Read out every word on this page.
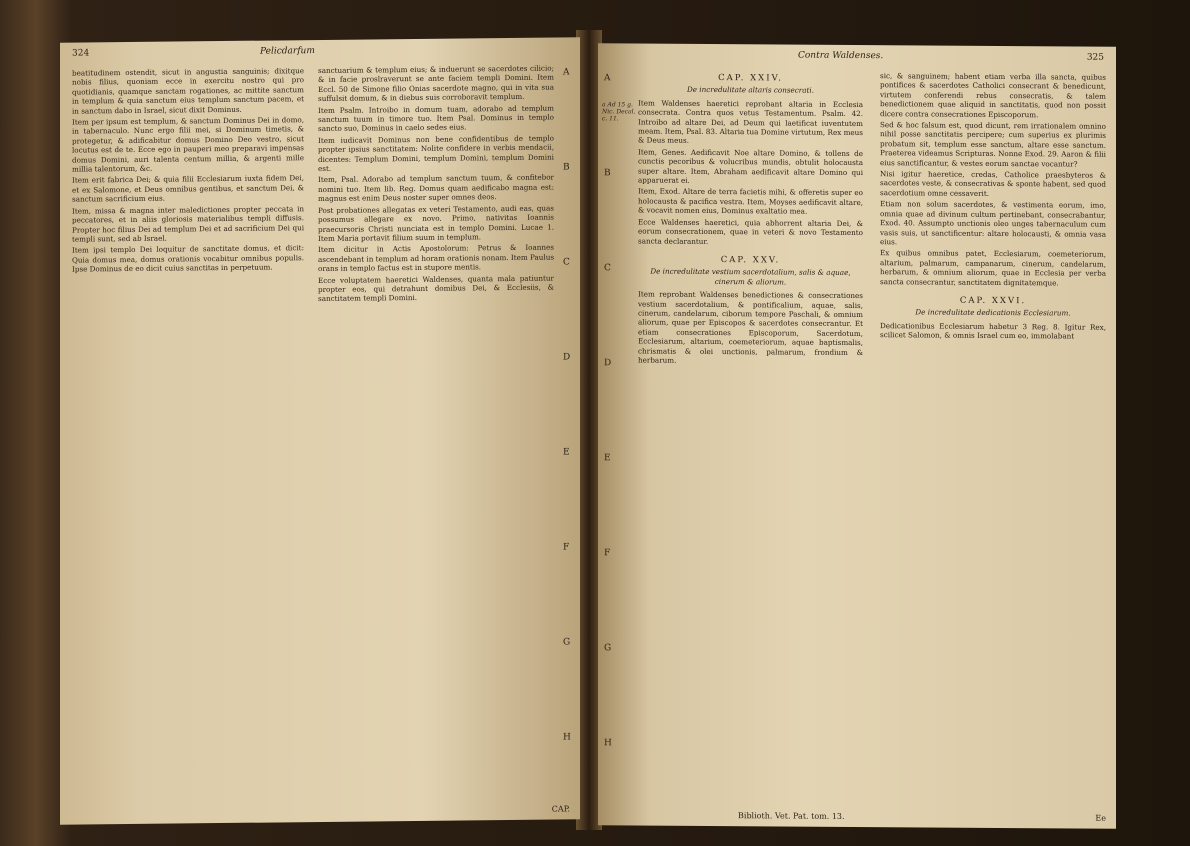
324	Pelicdarfum

beatitudinem ostendit, sicut in angustia sanguinis; dixitque nobis filius, quoniam ecce in exercitu nostro qui pro quotidianis, quamque sanctam rogationes, ac mittite sanctum in templum & quia sanctum eius templum sanctum pacem, et in sanctum dabo in Israel, sicut dixit Dominus.

Item per ipsum est templum, & sanctum Dominus Dei in domo, in tabernaculo. Nunc ergo filii mei, si Dominum timetis, & protegetur, & adificabitur domus Domino Deo vestro, sicut locutus est de te. Ecce ego in pauperi meo preparavi impensas domus Domini, auri talenta centum millia, & argenti mille millia talentorum, &c.

Item erit fabrica Dei; & quia filii Ecclesiarum iuxta fidem Dei, et ex Salomone, et Deus omnibus gentibus, et sanctum Dei, & sanctum sacrificium eius.

Item, missa & magna inter maledictiones propter peccata in peccatores, et in aliis gloriosis materialibus templi diffusis. Propter hoc filius Dei ad templum Dei et ad sacrificium Dei qui templi sunt, sed ab Israel.

Item ipsi templo Dei loquitur de sanctitate domus, et dicit: Quia domus mea, domus orationis vocabitur omnibus populis. Ipse Dominus de eo dicit cuius sanctitas in perpetuum.

sanctuarium & templum eius; & induerunt se sacerdotes cilicio; & in facie proslraverunt se ante faciem templi Domini. Item Eccl. 50 de Simone filio Onias sacerdote magno, qui in vita sua suffulsit domum, & in diebus suis corroboravit templum.

Item Psalm. Introibo in domum tuam, adorabo ad templum sanctum tuum in timore tuo. Item Psal. Dominus in templo sancto suo, Dominus in caelo sedes eius.

Item iudicavit Dominus non bene confidentibus de templo propter ipsius sanctitatem: Nolite confidere in verbis mendacii, dicentes: Templum Domini, templum Domini, templum Domini est.

Item, Psal. Adorabo ad templum sanctum tuum, & confitebor nomini tuo. Item lib. Reg. Domus quam aedificabo magna est: magnus est enim Deus noster super omnes deos.

Post probationes allegatas ex veteri Testamento, audi eas, quas possumus allegare ex novo. Primo, nativitas Ioannis praecursoris Christi nunciata est in templo Domini. Lucae 1. Item Maria portavit filium suum in templum.

Item dicitur in Actis Apostolorum: Petrus & Ioannes ascendebant in templum ad horam orationis nonam. Item Paulus orans in templo factus est in stupore mentis.

Ecce voluptatem haeretici Waldenses, quanta mala patiuntur propter eos, qui detrahunt domibus Dei, & Ecclesiis, & sanctitatem templi Domini.

A
B
C
D
E
F
G
H
CAP.
Contra Waldenses.	325
a Ad 15 g. Nic. Decal. c. 11.
CAP. XXIV.
De incredulitate altaris consecrati.

Item Waldenses haeretici reprobant altaria in Ecclesia consecrata. Contra quos vetus Testamentum. Psalm. 42. Introibo ad altare Dei, ad Deum qui laetificat iuventutem meam. Item, Psal. 83. Altaria tua Domine virtutum, Rex meus & Deus meus.

Item, Genes. Aedificavit Noe altare Domino, & tollens de cunctis pecoribus & volucribus mundis, obtulit holocausta super altare. Item, Abraham aedificavit altare Domino qui apparuerat ei.

Item, Exod. Altare de terra facietis mihi, & offeretis super eo holocausta & pacifica vestra. Item, Moyses aedificavit altare, & vocavit nomen eius, Dominus exaltatio mea.

Ecce Waldenses haeretici, quia abhorrent altaria Dei, & eorum consecrationem, quae in veteri & novo Testamento sancta declarantur.

CAP. XXV.
De incredulitate vestium sacerdotalium, salis & aquae, cinerum & aliorum.

Item reprobant Waldenses benedictiones & consecrationes vestium sacerdotalium, & pontificalium, aquae, salis, cinerum, candelarum, ciborum tempore Paschali, & omnium aliorum, quae per Episcopos & sacerdotes consecrantur. Et etiam consecrationes Episcoporum, Sacerdotum, Ecclesiarum, altarium, coemeteriorum, aquae baptismalis, chrismatis & olei unctionis, palmarum, frondium & herbarum.

sic, & sanguinem; habent etiam verba illa sancta, quibus pontifices & sacerdotes Catholici consecrant & benedicunt, virtutem conferendi rebus consecratis, & talem benedictionem quae aliquid in sanctitatis, quod non possit dicere contra consecrationes Episcoporum.

Sed & hoc falsum est, quod dicunt, rem irrationalem omnino nihil posse sanctitatis percipere; cum superius ex plurimis probatum sit, templum esse sanctum, altare esse sanctum. Praeterea videamus Scripturas. Nonne Exod. 29. Aaron & filii eius sanctificantur, & vestes eorum sanctae vocantur?

Nisi igitur haeretice, credas, Catholice praesbyteros & sacerdotes veste, & consecrativas & sponte habent, sed quod sacerdotium omne cessaverit.

Etiam non solum sacerdotes, & vestimenta eorum, imo, omnia quae ad divinum cultum pertinebant, consecrabantur, Exod. 40. Assumpto unctionis oleo unges tabernaculum cum vasis suis, ut sanctificentur: altare holocausti, & omnia vasa eius.

Ex quibus omnibus patet, Ecclesiarum, coemeteriorum, altarium, palmarum, campanarum, cinerum, candelarum, herbarum, & omnium aliorum, quae in Ecclesia per verba sancta consecrantur, sanctitatem dignitatemque.

CAP. XXVI.
De incredulitate dedicationis Ecclesiarum.

Dedicationibus Ecclesiarum habetur 3 Reg. 8. Igitur Rex, scilicet Salomon, & omnis Israel cum eo, immolabant

A
B
C
D
E
F
G
H
Biblioth. Vet. Pat. tom. 13.	Ee
